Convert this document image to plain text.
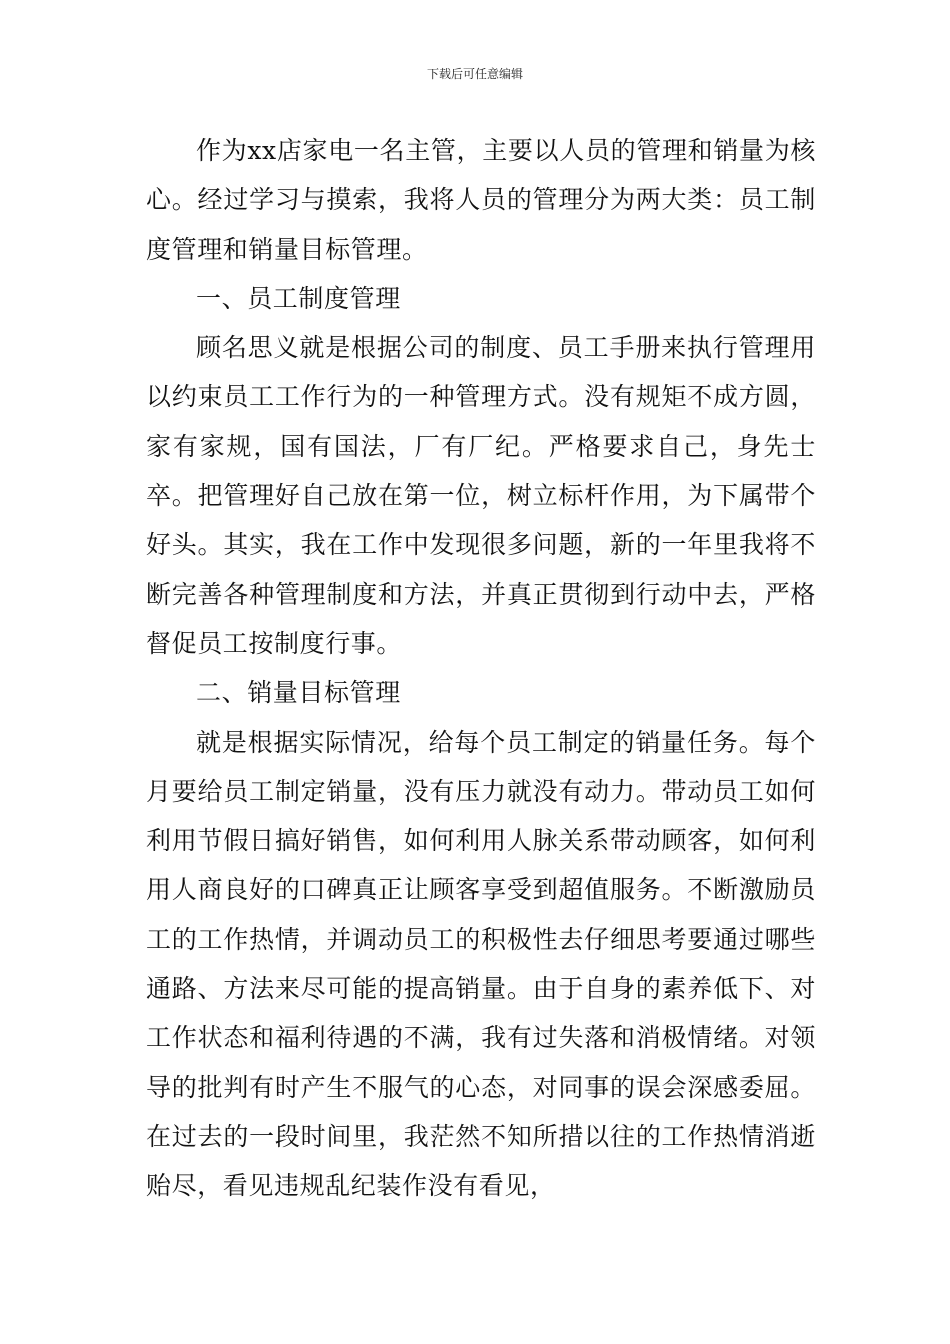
下载后可任意编辑

作为xx店家电一名主管，主要以人员的管理和销量为核心。经过学习与摸索，我将人员的管理分为两大类：员工制度管理和销量目标管理。

一、员工制度管理

顾名思义就是根据公司的制度、员工手册来执行管理用以约束员工工作行为的一种管理方式。没有规矩不成方圆，家有家规，国有国法，厂有厂纪。严格要求自己，身先士卒。把管理好自己放在第一位，树立标杆作用，为下属带个好头。其实，我在工作中发现很多问题，新的一年里我将不断完善各种管理制度和方法，并真正贯彻到行动中去，严格督促员工按制度行事。

二、销量目标管理

就是根据实际情况，给每个员工制定的销量任务。每个月要给员工制定销量，没有压力就没有动力。带动员工如何利用节假日搞好销售，如何利用人脉关系带动顾客，如何利用人商良好的口碑真正让顾客享受到超值服务。不断激励员工的工作热情，并调动员工的积极性去仔细思考要通过哪些通路、方法来尽可能的提高销量。由于自身的素养低下、对工作状态和福利待遇的不满，我有过失落和消极情绪。对领导的批判有时产生不服气的心态，对同事的误会深感委屈。在过去的一段时间里，我茫然不知所措以往的工作热情消逝贻尽，看见违规乱纪装作没有看见，
